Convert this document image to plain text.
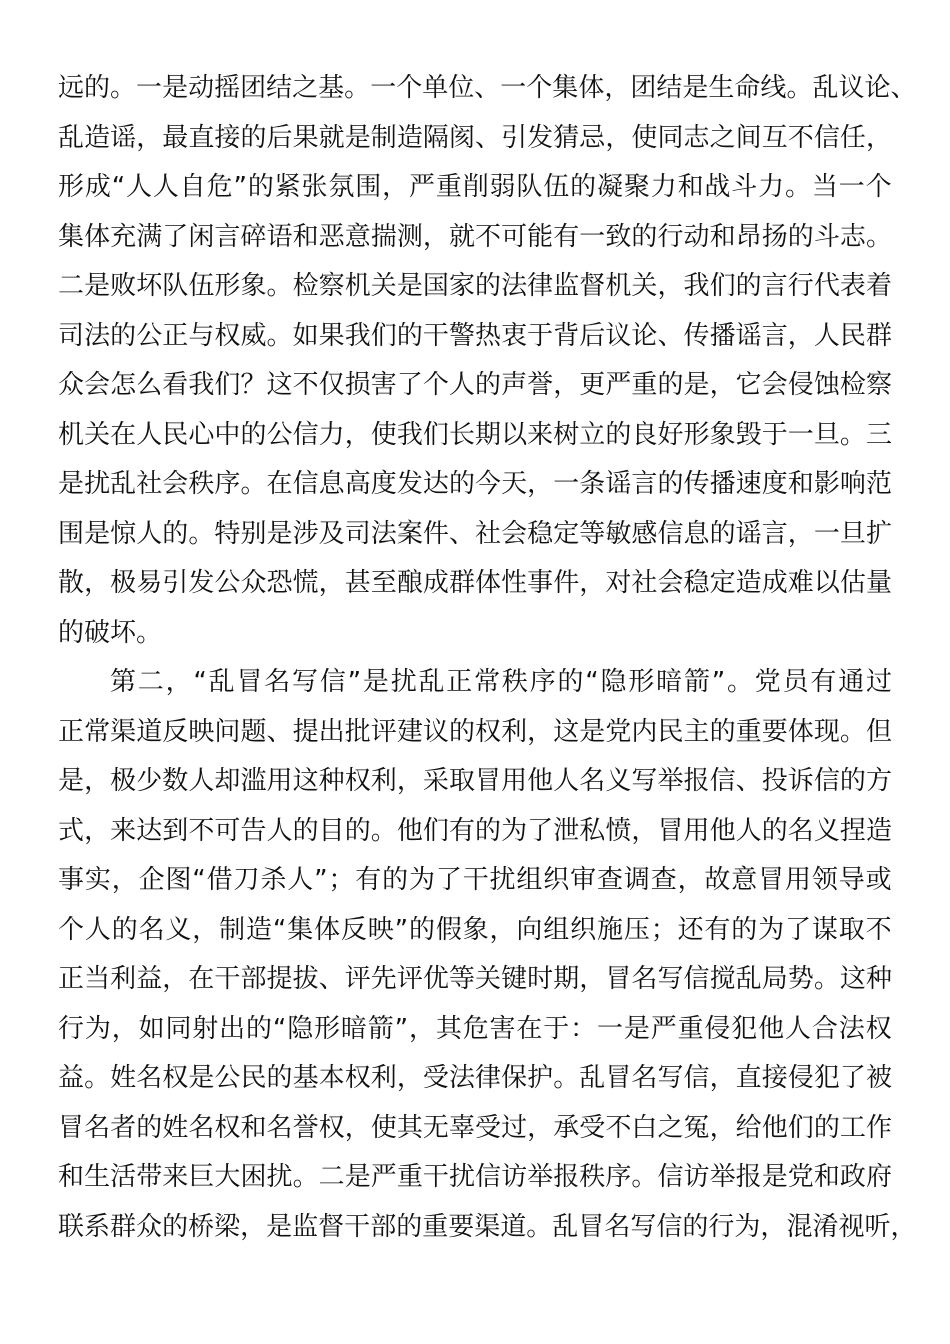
远 的 。 一 是 动 摇 团 结 之 基 。 一 个 单 位 、 一 个 集 体 ， 团 结 是 生 命 线 。 乱 议 论 、
乱 造 谣 ， 最 直 接 的 后 果 就 是 制 造 隔 阂 、 引 发 猜 忌 ， 使 同 志 之 间 互 不 信 任 ，
形 成 “ 人 人 自 危 ” 的 紧 张 氛 围 ， 严 重 削 弱 队 伍 的 凝 聚 力 和 战 斗 力 。 当 一 个
集 体 充 满 了 闲 言 碎 语 和 恶 意 揣 测 ， 就 不 可 能 有 一 致 的 行 动 和 昂 扬 的 斗 志 。
二 是 败 坏 队 伍 形 象 。 检 察 机 关 是 国 家 的 法 律 监 督 机 关 ， 我 们 的 言 行 代 表 着
司 法 的 公 正 与 权 威 。 如 果 我 们 的 干 警 热 衷 于 背 后 议 论 、 传 播 谣 言 ， 人 民 群
众 会 怎 么 看 我 们 ？ 这 不 仅 损 害 了 个 人 的 声 誉 ， 更 严 重 的 是 ， 它 会 侵 蚀 检 察
机 关 在 人 民 心 中 的 公 信 力 ， 使 我 们 长 期 以 来 树 立 的 良 好 形 象 毁 于 一 旦 。 三
是 扰 乱 社 会 秩 序 。 在 信 息 高 度 发 达 的 今 天 ， 一 条 谣 言 的 传 播 速 度 和 影 响 范
围 是 惊 人 的 。 特 别 是 涉 及 司 法 案 件 、 社 会 稳 定 等 敏 感 信 息 的 谣 言 ， 一 旦 扩
散 ， 极 易 引 发 公 众 恐 慌 ， 甚 至 酿 成 群 体 性 事 件 ， 对 社 会 稳 定 造 成 难 以 估 量
的 破 坏 。
第 二 ， “ 乱 冒 名 写 信 ” 是 扰 乱 正 常 秩 序 的 “ 隐 形 暗 箭 ” 。 党 员 有 通 过
正 常 渠 道 反 映 问 题 、 提 出 批 评 建 议 的 权 利 ， 这 是 党 内 民 主 的 重 要 体 现 。 但
是 ， 极 少 数 人 却 滥 用 这 种 权 利 ， 采 取 冒 用 他 人 名 义 写 举 报 信 、 投 诉 信 的 方
式 ， 来 达 到 不 可 告 人 的 目 的 。 他 们 有 的 为 了 泄 私 愤 ， 冒 用 他 人 的 名 义 捏 造
事 实 ， 企 图 “ 借 刀 杀 人 ” ； 有 的 为 了 干 扰 组 织 审 查 调 查 ， 故 意 冒 用 领 导 或
个 人 的 名 义 ， 制 造 “ 集 体 反 映 ” 的 假 象 ， 向 组 织 施 压 ； 还 有 的 为 了 谋 取 不
正 当 利 益 ， 在 干 部 提 拔 、 评 先 评 优 等 关 键 时 期 ， 冒 名 写 信 搅 乱 局 势 。 这 种
行 为 ， 如 同 射 出 的 “ 隐 形 暗 箭 ” ， 其 危 害 在 于 ： 一 是 严 重 侵 犯 他 人 合 法 权
益 。 姓 名 权 是 公 民 的 基 本 权 利 ， 受 法 律 保 护 。 乱 冒 名 写 信 ， 直 接 侵 犯 了 被
冒 名 者 的 姓 名 权 和 名 誉 权 ， 使 其 无 辜 受 过 ， 承 受 不 白 之 冤 ， 给 他 们 的 工 作
和 生 活 带 来 巨 大 困 扰 。 二 是 严 重 干 扰 信 访 举 报 秩 序 。 信 访 举 报 是 党 和 政 府
联 系 群 众 的 桥 梁 ， 是 监 督 干 部 的 重 要 渠 道 。 乱 冒 名 写 信 的 行 为 ， 混 淆 视 听 ，
